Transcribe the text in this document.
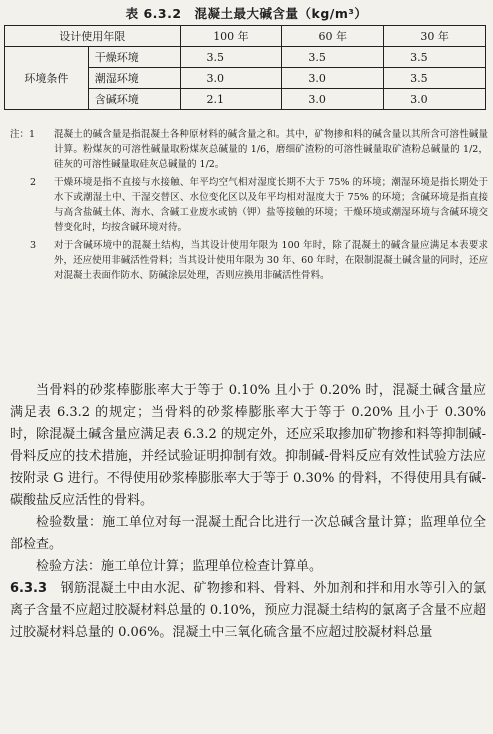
表 6.3.2　混凝土最大碱含量（kg/m³）
设计使用年限		100 年	60 年	30 年
环境条件	干燥环境	3.5	3.5	3.5
	潮湿环境	3.0	3.0	3.5
	含碱环境	2.1	3.0	3.0
注：1	混凝土的碱含量是指混凝土各种原材料的碱含量之和。其中，矿物掺和料的碱含量以其所含可溶性碱量计算。粉煤灰的可溶性碱量取粉煤灰总碱量的 1/6，磨细矿渣粉的可溶性碱量取矿渣粉总碱量的 1/2，硅灰的可溶性碱量取硅灰总碱量的 1/2。
2	干燥环境是指不直接与水接触、年平均空气相对湿度长期不大于 75% 的环境；潮湿环境是指长期处于水下或潮湿土中、干湿交替区、水位变化区以及年平均相对湿度大于 75% 的环境；含碱环境是指直接与高含盐碱土体、海水、含碱工业废水或钠（钾）盐等接触的环境；干燥环境或潮湿环境与含碱环境交替变化时，均按含碱环境对待。
3	对于含碱环境中的混凝土结构，当其设计使用年限为 100 年时，除了混凝土的碱含量应满足本表要求外，还应使用非碱活性骨料；当其设计使用年限为 30 年、60 年时，在限制混凝土碱含量的同时，还应对混凝土表面作防水、防碱涂层处理，否则应换用非碱活性骨料。

当骨料的砂浆棒膨胀率大于等于 0.10% 且小于 0.20% 时，混凝土碱含量应满足表 6.3.2 的规定；当骨料的砂浆棒膨胀率大于等于 0.20% 且小于 0.30% 时，除混凝土碱含量应满足表 6.3.2 的规定外，还应采取掺加矿物掺和料等抑制碱-骨料反应的技术措施，并经试验证明抑制有效。抑制碱-骨料反应有效性试验方法应按附录 G 进行。不得使用砂浆棒膨胀率大于等于 0.30% 的骨料，不得使用具有碱-碳酸盐反应活性的骨料。

检验数量：施工单位对每一混凝土配合比进行一次总碱含量计算；监理单位全部检查。

检验方法：施工单位计算；监理单位检查计算单。

6.3.3　 钢筋混凝土中由水泥、矿物掺和料、骨料、外加剂和拌和用水等引入的氯离子含量不应超过胶凝材料总量的 0.10%，预应力混凝土结构的氯离子含量不应超过胶凝材料总量的 0.06%。混凝土中三氧化硫含量不应超过胶凝材料总量
